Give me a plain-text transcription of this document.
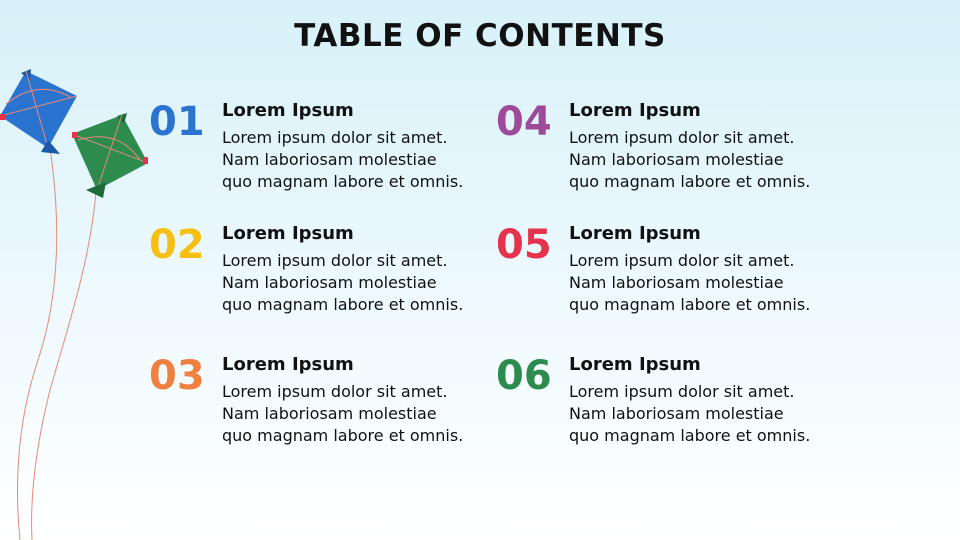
TABLE OF CONTENTS
01 Lorem Ipsum
Lorem ipsum dolor sit amet.
Nam laboriosam molestiae
quo magnam labore et omnis.
02 Lorem Ipsum
Lorem ipsum dolor sit amet.
Nam laboriosam molestiae
quo magnam labore et omnis.
03 Lorem Ipsum
Lorem ipsum dolor sit amet.
Nam laboriosam molestiae
quo magnam labore et omnis.
04 Lorem Ipsum
Lorem ipsum dolor sit amet.
Nam laboriosam molestiae
quo magnam labore et omnis.
05 Lorem Ipsum
Lorem ipsum dolor sit amet.
Nam laboriosam molestiae
quo magnam labore et omnis.
06 Lorem Ipsum
Lorem ipsum dolor sit amet.
Nam laboriosam molestiae
quo magnam labore et omnis.
